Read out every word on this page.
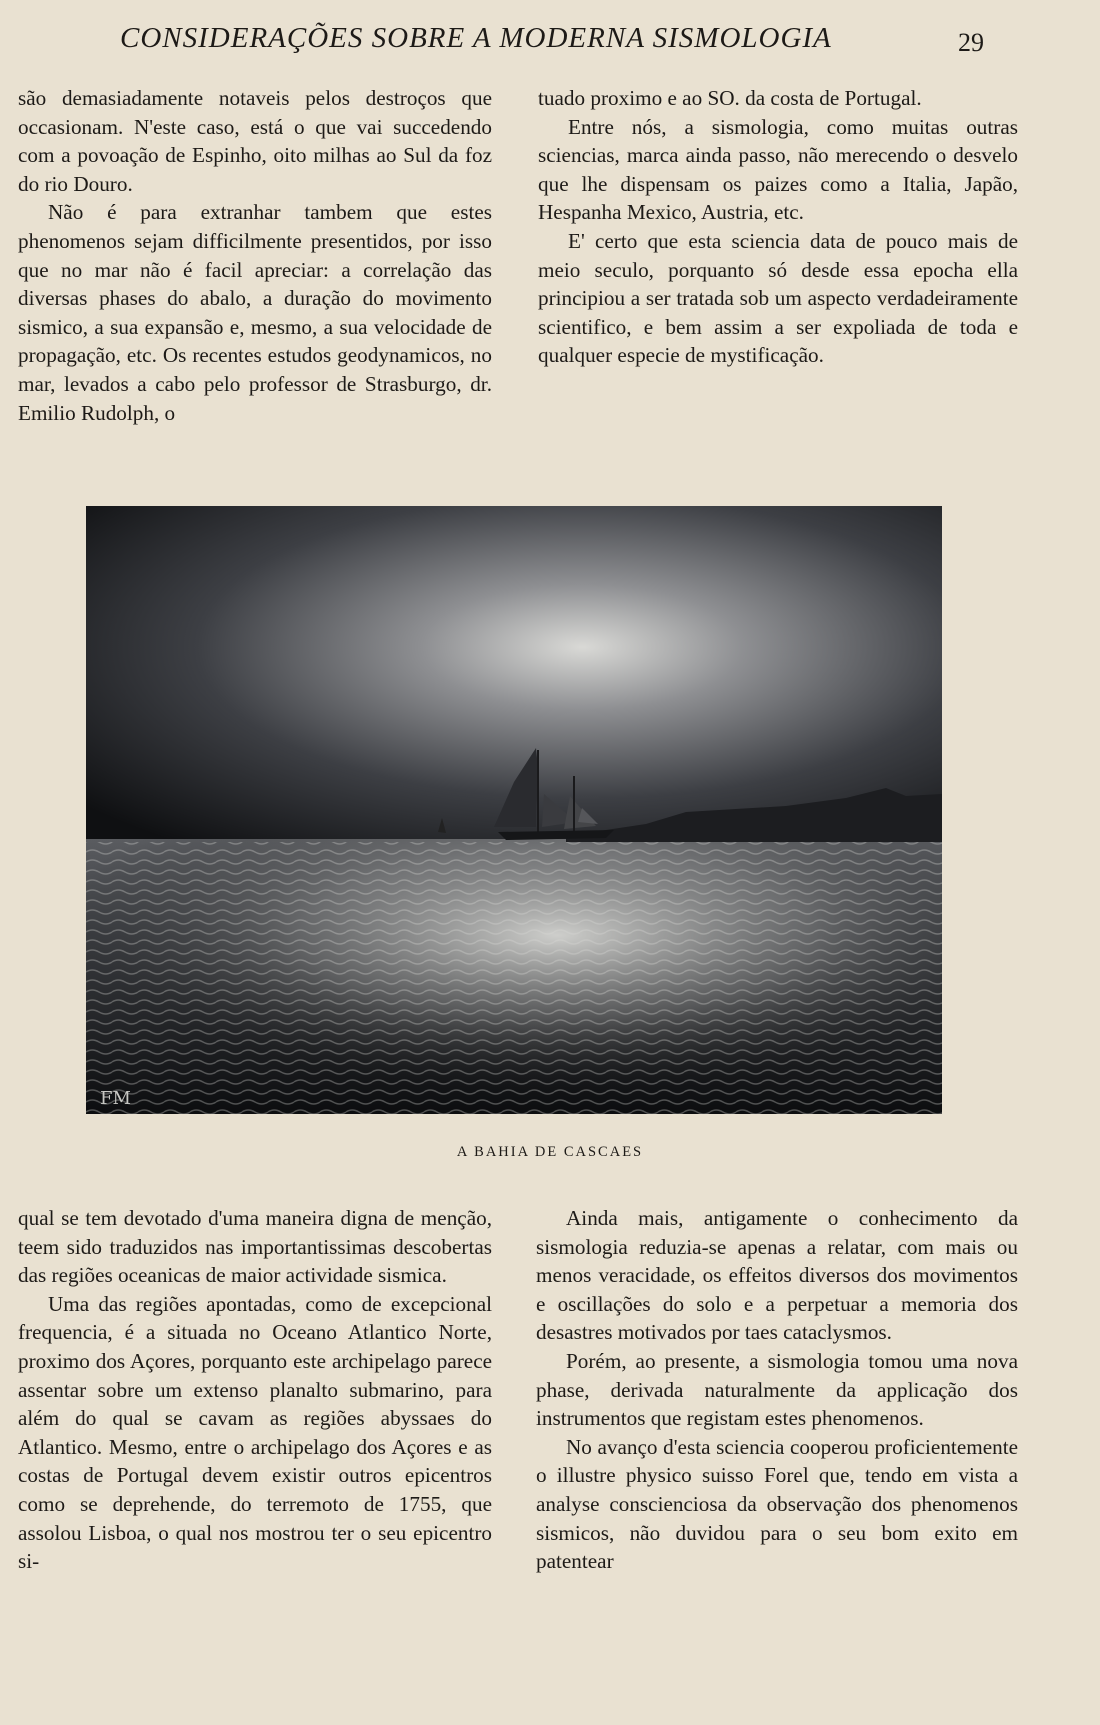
CONSIDERAÇÕES SOBRE A MODERNA SISMOLOGIA	29

são demasiadamente notaveis pelos destroços que occasionam. N'este caso, está o que vai succedendo com a povoação de Espinho, oito milhas ao Sul da foz do rio Douro.

Não é para extranhar tambem que estes phenomenos sejam difficilmente presentidos, por isso que no mar não é facil apreciar: a correlação das diversas phases do abalo, a duração do movimento sismico, a sua expansão e, mesmo, a sua velocidade de propagação, etc. Os recentes estudos geodynamicos, no mar, levados a cabo pelo professor de Strasburgo, dr. Emilio Rudolph, o

tuado proximo e ao SO. da costa de Portugal.

Entre nós, a sismologia, como muitas outras sciencias, marca ainda passo, não merecendo o desvelo que lhe dispensam os paizes como a Italia, Japão, Hespanha Mexico, Austria, etc.

E' certo que esta sciencia data de pouco mais de meio seculo, porquanto só desde essa epocha ella principiou a ser tratada sob um aspecto verdadeiramente scientifico, e bem assim a ser expoliada de toda e qualquer especie de mystificação.

FM
A BAHIA DE CASCAES

qual se tem devotado d'uma maneira digna de menção, teem sido traduzidos nas importantissimas descobertas das regiões oceanicas de maior actividade sismica.

Uma das regiões apontadas, como de excepcional frequencia, é a situada no Oceano Atlantico Norte, proximo dos Açores, porquanto este archipelago parece assentar sobre um extenso planalto submarino, para além do qual se cavam as regiões abyssaes do Atlantico. Mesmo, entre o archipelago dos Açores e as costas de Portugal devem existir outros epicentros como se deprehende, do terremoto de 1755, que assolou Lisboa, o qual nos mostrou ter o seu epicentro si-

Ainda mais, antigamente o conhecimento da sismologia reduzia-se apenas a relatar, com mais ou menos veracidade, os effeitos diversos dos movimentos e oscillações do solo e a perpetuar a memoria dos desastres motivados por taes cataclysmos.

Porém, ao presente, a sismologia tomou uma nova phase, derivada naturalmente da applicação dos instrumentos que registam estes phenomenos.

No avanço d'esta sciencia cooperou proficientemente o illustre physico suisso Forel que, tendo em vista a analyse conscienciosa da observação dos phenomenos sismicos, não duvidou para o seu bom exito em patentear
